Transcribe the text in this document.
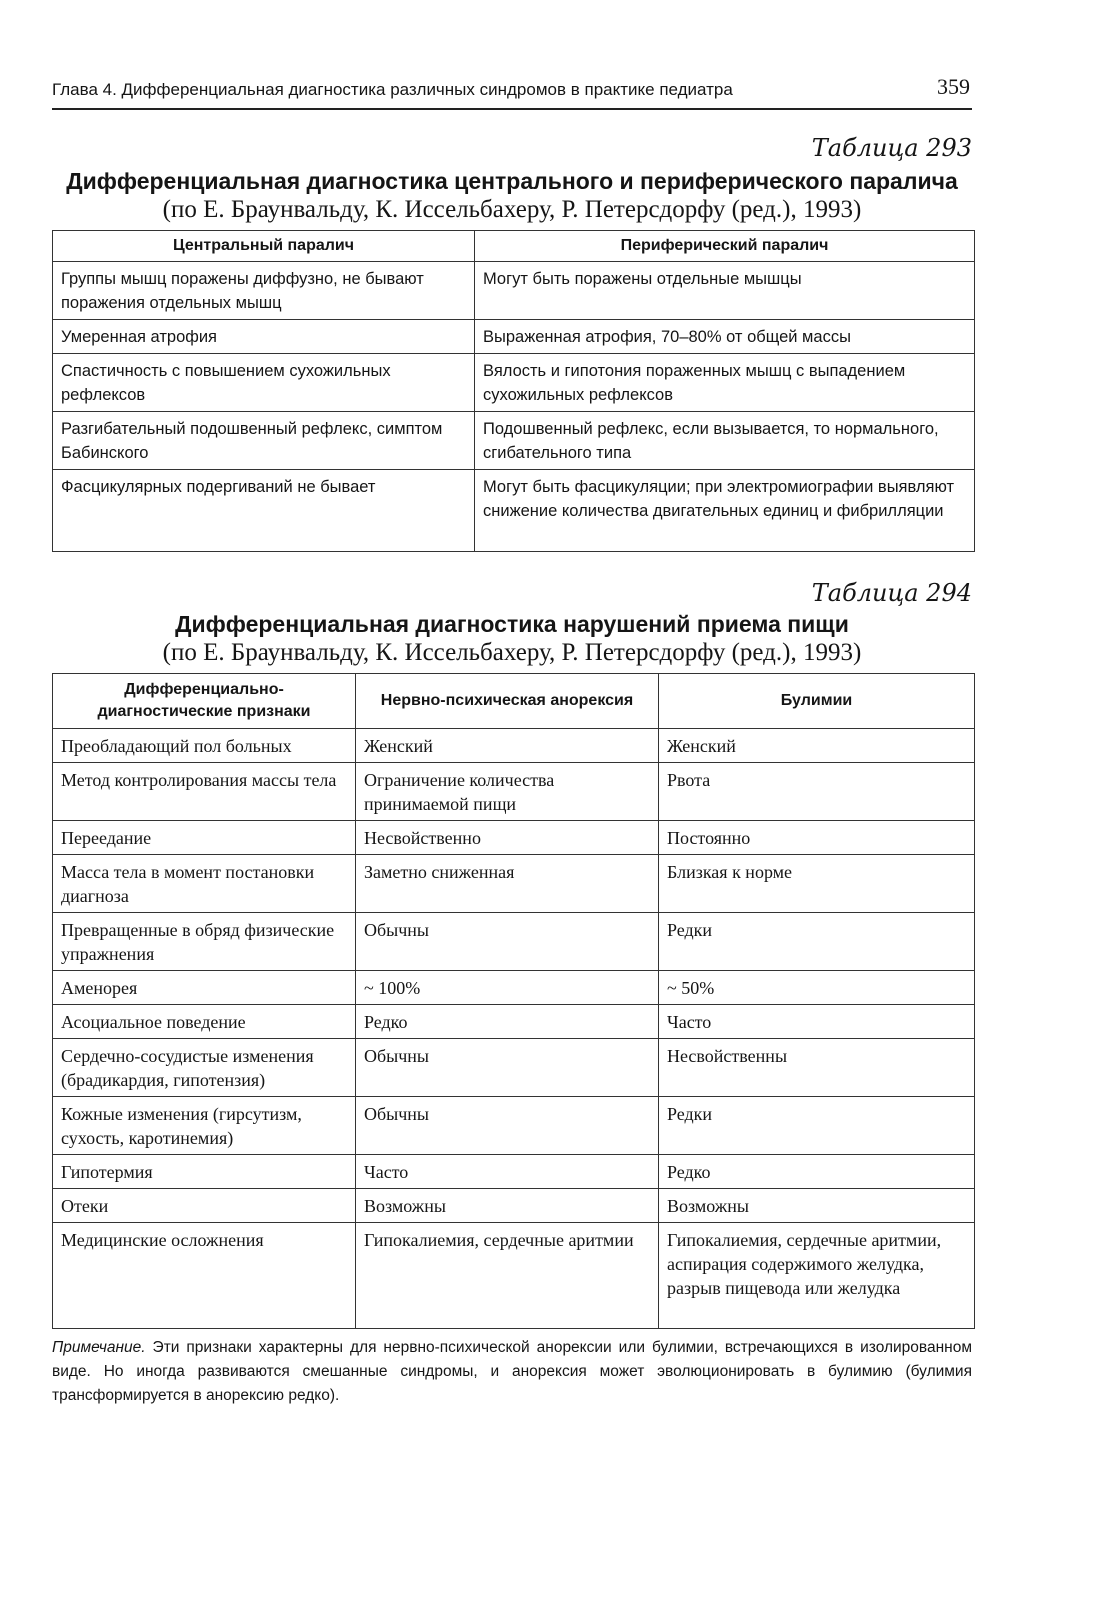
Глава 4. Дифференциальная диагностика различных синдромов в практике педиатра	359
Таблица 293
Дифференциальная диагностика центрального и периферического паралича
(по Е. Браунвальду, К. Иссельбахеру, Р. Петерсдорфу (ред.), 1993)
Центральный паралич	Периферический паралич
Группы мышц поражены диффузно, не бывают поражения отдельных мышц	Могут быть поражены отдельные мышцы
Умеренная атрофия	Выраженная атрофия, 70–80% от общей массы
Спастичность с повышением сухожильных рефлексов	Вялость и гипотония пораженных мышц с выпадением сухожильных рефлексов
Разгибательный подошвенный рефлекс, симптом Бабинского	Подошвенный рефлекс, если вызывается, то нормального, сгибательного типа
Фасцикулярных подергиваний не бывает	Могут быть фасцикуляции; при электромиографии выявляют снижение количества двигательных единиц и фибрилляции
Таблица 294
Дифференциальная диагностика нарушений приема пищи
(по Е. Браунвальду, К. Иссельбахеру, Р. Петерсдорфу (ред.), 1993)
Дифференциально-диагностические признаки	Нервно-психическая анорексия	Булимии
Преобладающий пол больных	Женский	Женский
Метод контролирования массы тела	Ограничение количества принимаемой пищи	Рвота
Переедание	Несвойственно	Постоянно
Масса тела в момент постановки диагноза	Заметно сниженная	Близкая к норме
Превращенные в обряд физические упражнения	Обычны	Редки
Аменорея	~ 100%	~ 50%
Асоциальное поведение	Редко	Часто
Сердечно-сосудистые изменения (брадикардия, гипотензия)	Обычны	Несвойственны
Кожные изменения (гирсутизм, сухость, каротинемия)	Обычны	Редки
Гипотермия	Часто	Редко
Отеки	Возможны	Возможны
Медицинские осложнения	Гипокалиемия, сердечные аритмии	Гипокалиемия, сердечные аритмии, аспирация содержимого желудка, разрыв пищевода или желудка
Примечание. Эти признаки характерны для нервно-психической анорексии или булимии, встречающихся в изолированном виде. Но иногда развиваются смешанные синдромы, и анорексия может эволюционировать в булимию (булимия трансформируется в анорексию редко).
